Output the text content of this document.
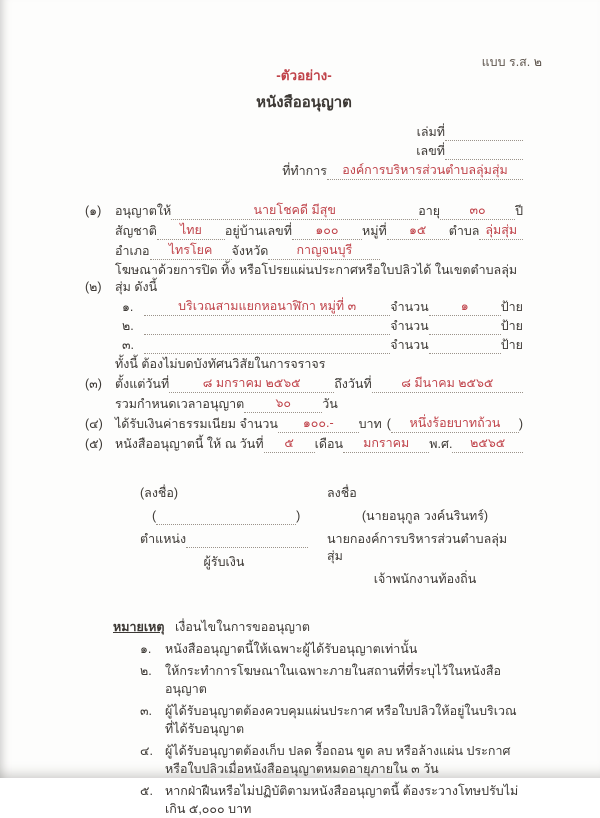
แบบ ร.ส. ๒
-ตัวอย่าง-
หนังสืออนุญาต
เล่มที่
เลขที่
ที่ทำการ	องค์การบริหารส่วนตำบลลุ่มสุ่ม
(๑)	อนุญาตให้	นายโชคดี มีสุข	อายุ	๓๐	ปี
สัญชาติ	ไทย	อยู่บ้านเลขที่	๑๐๐	หมู่ที่	๑๕	ตำบล ลุ่มสุ่ม
อำเภอ	ไทรโยค	จังหวัด	กาญจนบุรี
(๒)
โฆษณาด้วยการปิด ทิ้ง หรือโปรยแผ่นประกาศหรือใบปลิวได้ ในเขตตำบลลุ่มสุ่ม ดังนี้
๑.	บริเวณสามแยกหอนาฬิกา หมู่ที่ ๓	จำนวน	๑	ป้าย
๒.	จำนวน	ป้าย
๓.	จำนวน	ป้าย
ทั้งนี้ ต้องไม่บดบังทัศนวิสัยในการจราจร
(๓)	ตั้งแต่วันที่	๘ มกราคม ๒๕๖๕	ถึงวันที่	๘ มีนาคม ๒๕๖๕
รวมกำหนดเวลาอนุญาต	๖๐	วัน
(๔) ได้รับเงินค่าธรรมเนียม จำนวน	๑๐๐.-	บาท (	หนึ่งร้อยบาทถ้วน	)
(๕) หนังสืออนุญาตนี้ ให้ ณ วันที่	๕	เดือน	มกราคม	พ.ศ.	๒๕๖๕
(ลงชื่อ)
(	)
ตำแหน่ง
ผู้รับเงิน
ลงชื่อ
(นายอนุกูล วงค์นรินทร์)
นายกองค์การบริหารส่วนตำบลลุ่มสุ่ม
เจ้าพนักงานท้องถิ่น
หมายเหตุ เงื่อนไขในการขออนุญาต
๑.	หนังสืออนุญาตนี้ให้เฉพาะผู้ได้รับอนุญาตเท่านั้น
๒.	ให้กระทำการโฆษณาในเฉพาะภายในสถานที่ที่ระบุไว้ในหนังสืออนุญาต
๓.	ผู้ได้รับอนุญาตต้องควบคุมแผ่นประกาศ หรือใบปลิวให้อยู่ในบริเวณที่ได้รับอนุญาต
๔. ผู้ได้รับอนุญาตต้องเก็บ ปลด รื้อถอน ขูด ลบ หรือล้างแผ่น ประกาศ หรือใบปลิวเมื่อหนังสืออนุญาตหมดอายุภายใน ๓ วัน
๕. หากฝ่าฝืนหรือไม่ปฏิบัติตามหนังสืออนุญาตนี้ ต้องระวางโทษปรับไม่เกิน ๕,๐๐๐ บาท
